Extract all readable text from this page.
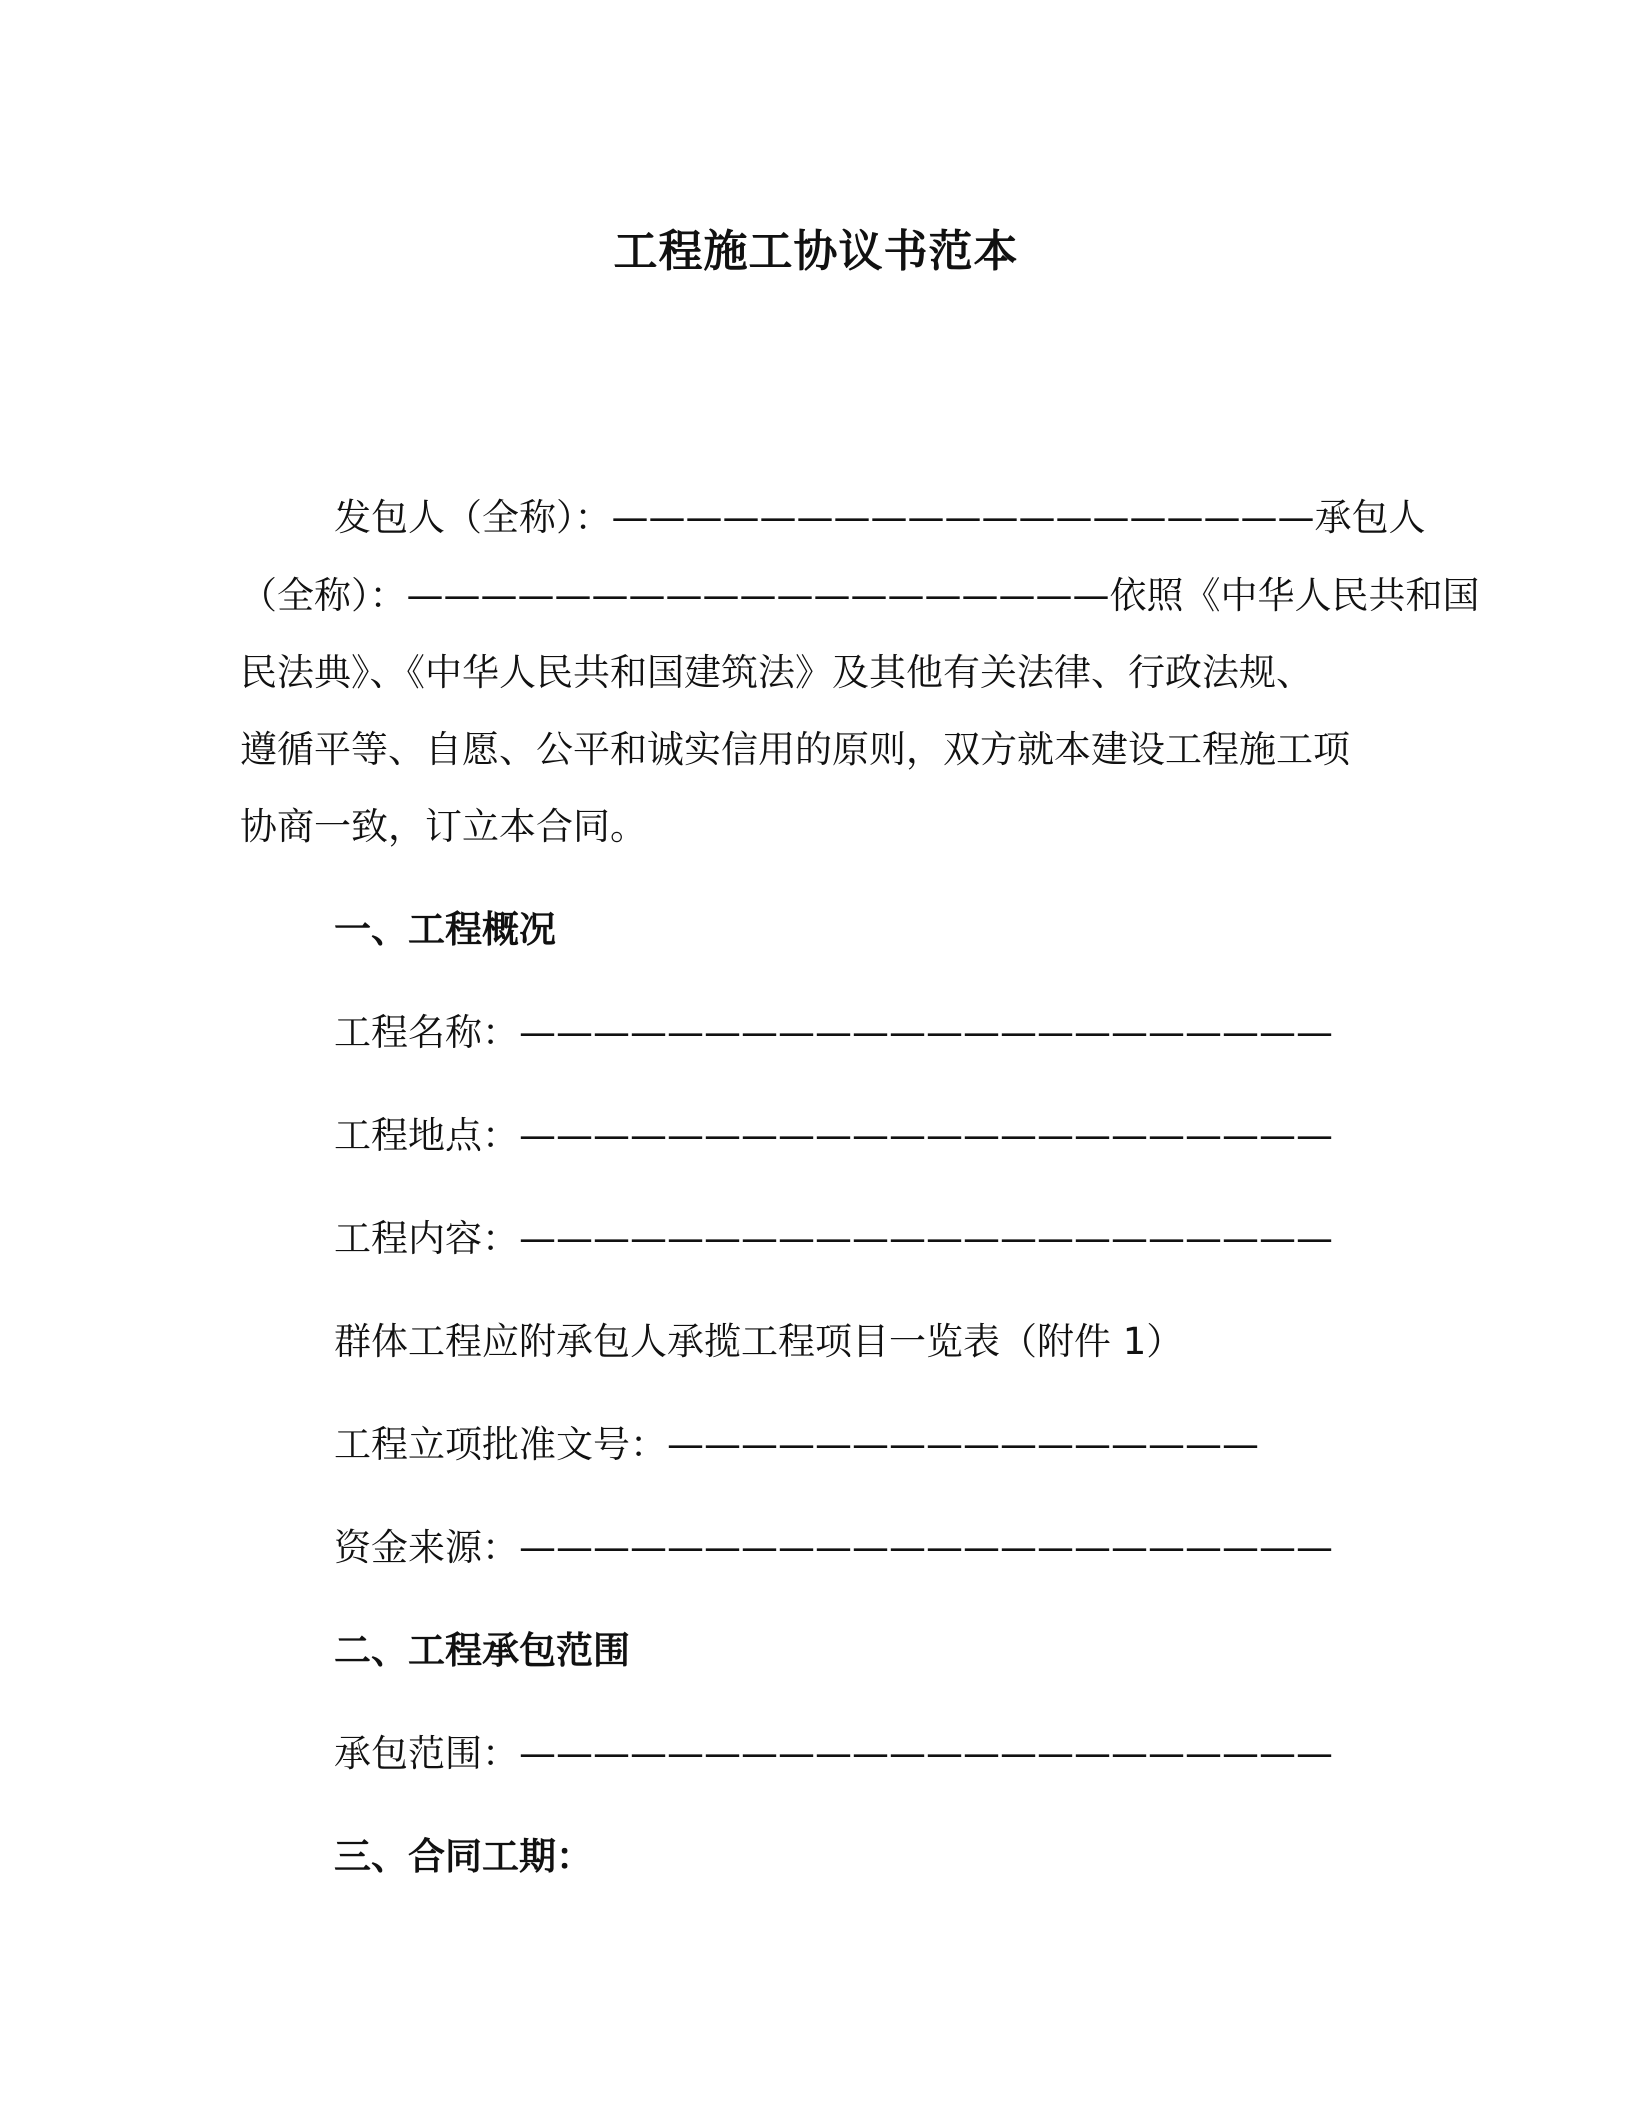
工程施工协议书范本
发包人（全称）：———————————————————承包人
（全称）：———————————————————依照《中华人民共和国
民法典》、《中华人民共和国建筑法》及其他有关法律、行政法规、
遵循平等、自愿、公平和诚实信用的原则，双方就本建设工程施工项
协商一致，订立本合同。
一、工程概况
工程名称：——————————————————————
工程地点：——————————————————————
工程内容：——————————————————————
群体工程应附承包人承揽工程项目一览表（附件 1）
工程立项批准文号：————————————————
资金来源：——————————————————————
二、工程承包范围
承包范围：——————————————————————
三、合同工期：
